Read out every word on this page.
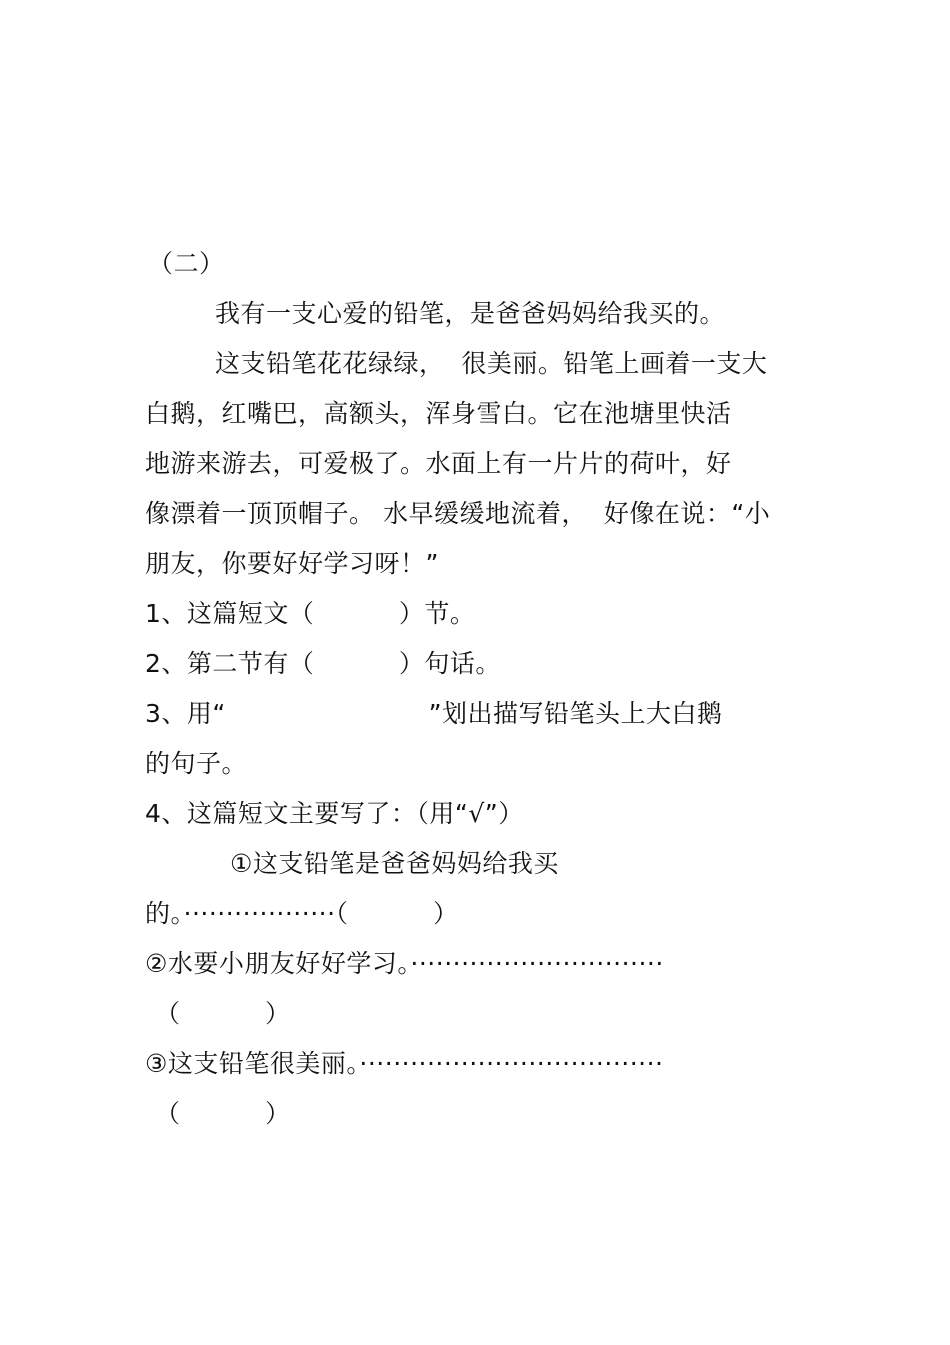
（二）
我有一支心爱的铅笔，是爸爸妈妈给我买的。
这支铅笔花花绿绿，  很美丽。铅笔上画着一支大
白鹅，红嘴巴，高额头，浑身雪白。它在池塘里快活
地游来游去，可爱极了。水面上有一片片的荷叶，好
像漂着一顶顶帽子。 水早缓缓地流着，  好像在说：“小
朋友，你要好好学习呀！”
1、这篇短文（          ）节。
2、第二节有（          ）句话。
3、用“                        ”划出描写铅笔头上大白鹅
的句子。
4、这篇短文主要写了：（用“√”）
①这支铅笔是爸爸妈妈给我买
的。··················（          ）
②水要小朋友好好学习。······························
（          ）
③这支铅笔很美丽。····································
（          ）
